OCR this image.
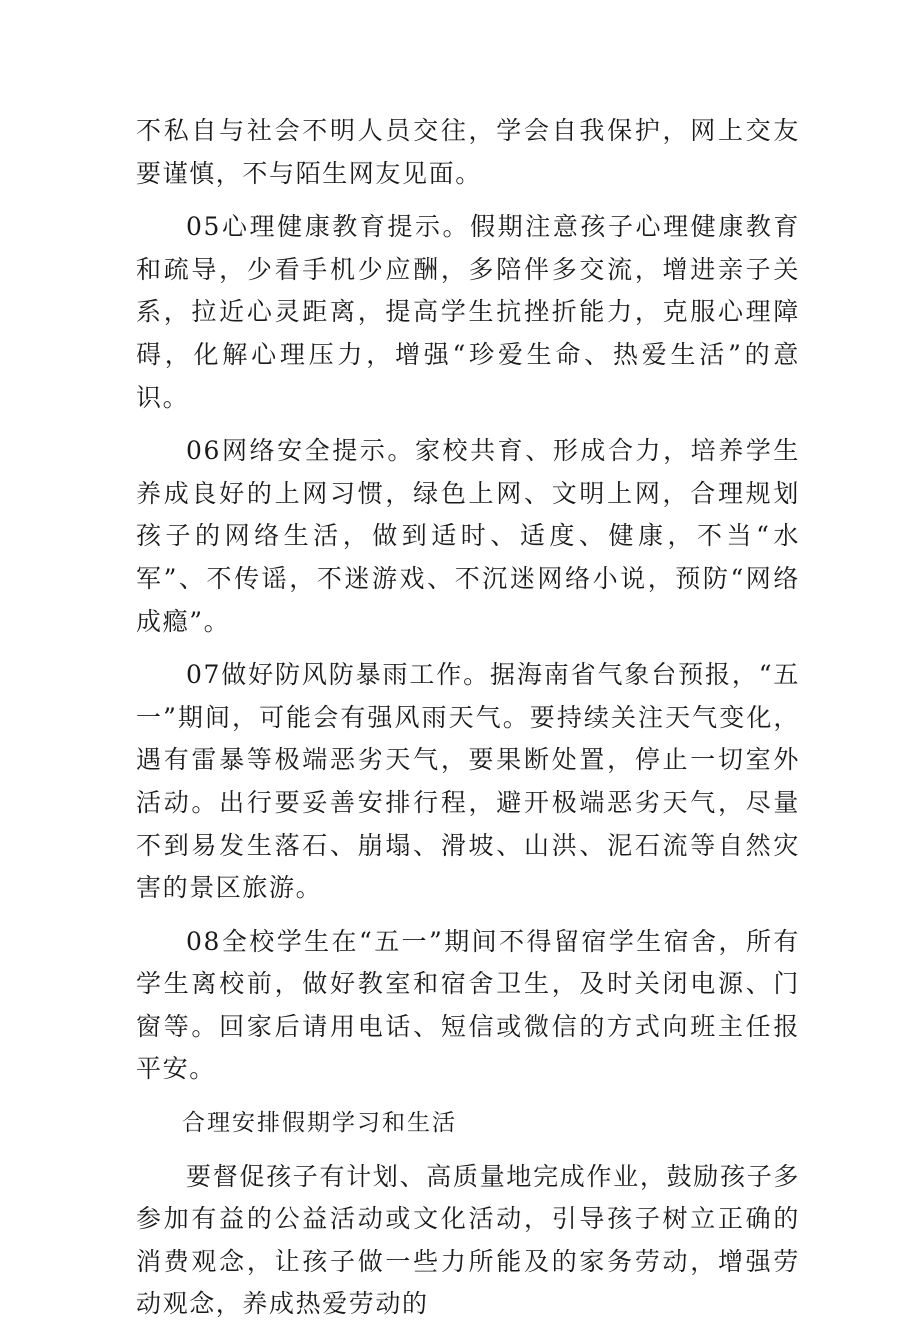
不私自与社会不明人员交往，学会自我保护，网上交友要谨慎，不与陌生网友见面。

05心理健康教育提示。假期注意孩子心理健康教育和疏导，少看手机少应酬，多陪伴多交流，增进亲子关系，拉近心灵距离，提高学生抗挫折能力，克服心理障碍，化解心理压力，增强“珍爱生命、热爱生活”的意识。

06网络安全提示。家校共育、形成合力，培养学生养成良好的上网习惯，绿色上网、文明上网，合理规划孩子的网络生活，做到适时、适度、健康，不当“水军”、不传谣，不迷游戏、不沉迷网络小说，预防“网络成瘾”。

07做好防风防暴雨工作。据海南省气象台预报，“五一”期间，可能会有强风雨天气。要持续关注天气变化，遇有雷暴等极端恶劣天气，要果断处置，停止一切室外活动。出行要妥善安排行程，避开极端恶劣天气，尽量不到易发生落石、崩塌、滑坡、山洪、泥石流等自然灾害的景区旅游。

08全校学生在“五一”期间不得留宿学生宿舍，所有学生离校前，做好教室和宿舍卫生，及时关闭电源、门窗等。回家后请用电话、短信或微信的方式向班主任报平安。

合理安排假期学习和生活

要督促孩子有计划、高质量地完成作业，鼓励孩子多参加有益的公益活动或文化活动，引导孩子树立正确的消费观念，让孩子做一些力所能及的家务劳动，增强劳动观念，养成热爱劳动的
